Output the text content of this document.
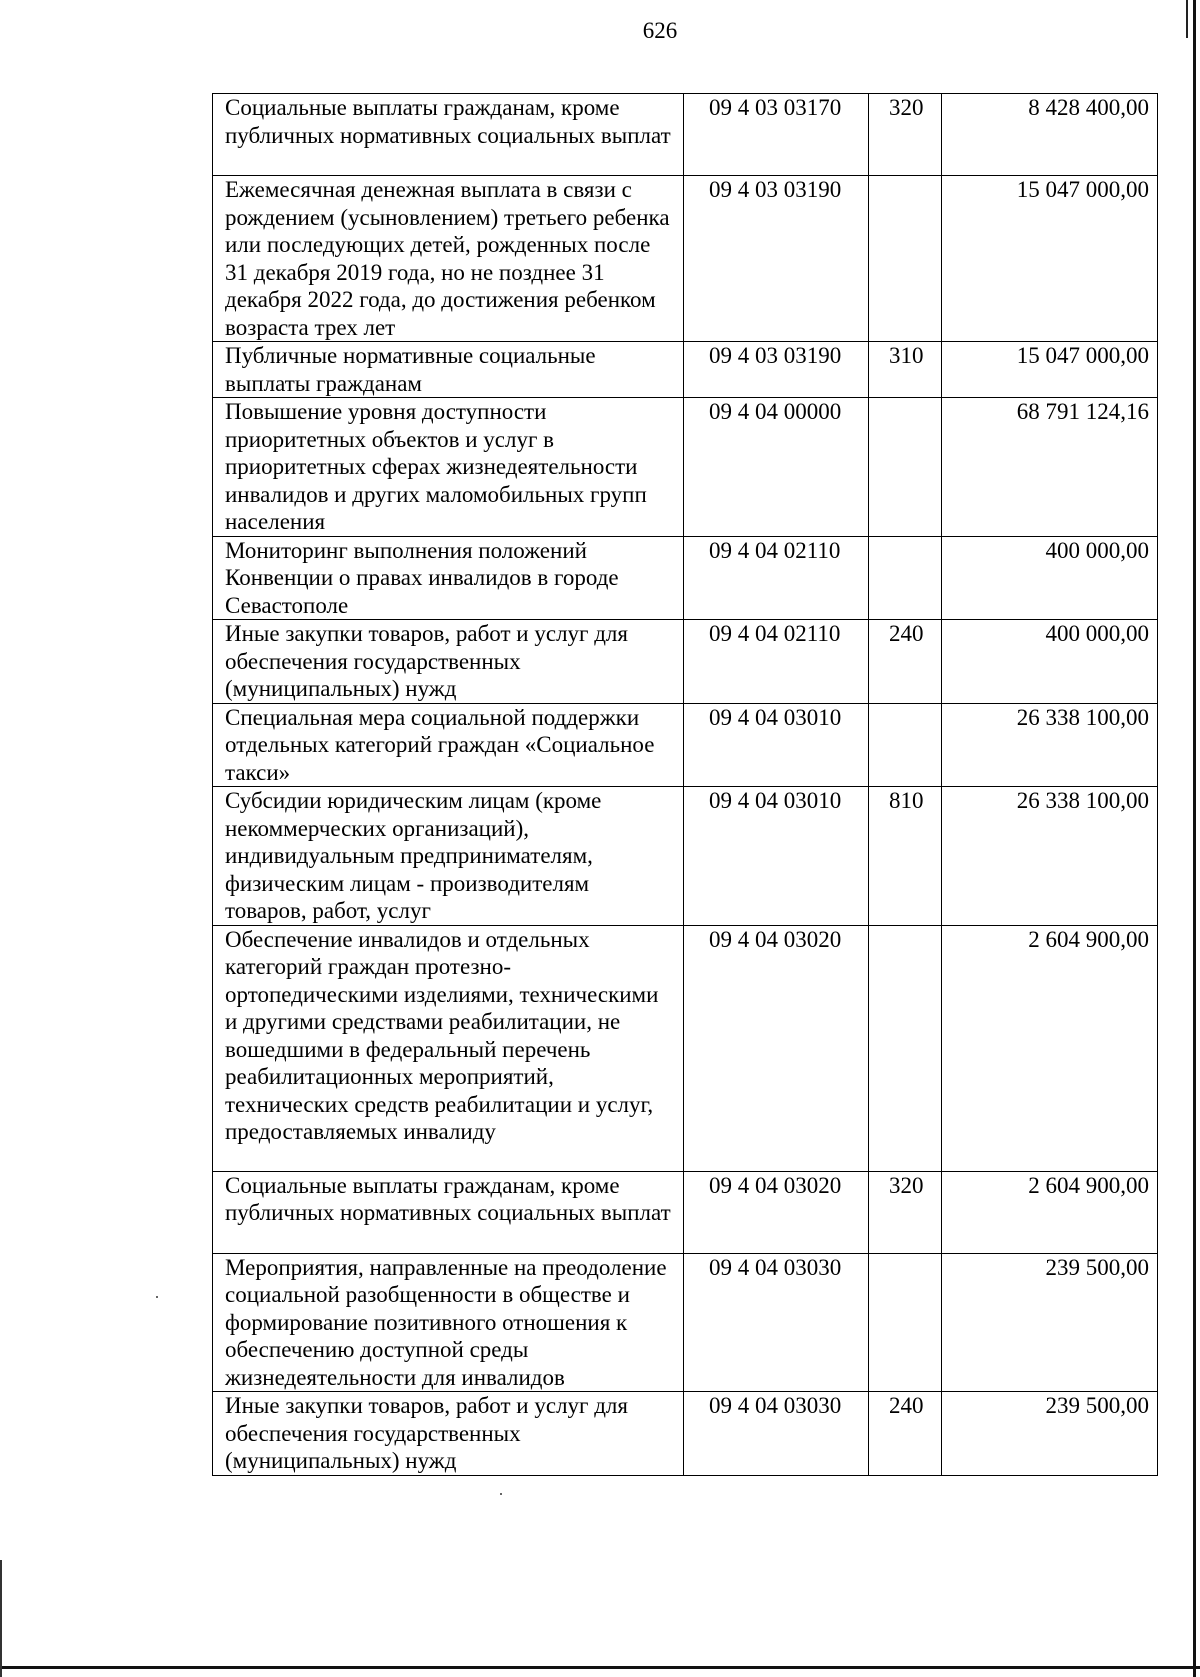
626
Социальные выплаты гражданам, кроме публичных нормативных социальных выплат	09 4 03 03170	320	8 428 400,00
Ежемесячная денежная выплата в связи с рождением (усыновлением) третьего ребенка или последующих детей, рожденных после 31 декабря 2019 года, но не позднее 31 декабря 2022 года, до достижения ребенком возраста трех лет	09 4 03 03190		15 047 000,00
Публичные нормативные социальные выплаты гражданам	09 4 03 03190	310	15 047 000,00
Повышение уровня доступности приоритетных объектов и услуг в приоритетных сферах жизнедеятельности инвалидов и других маломобильных групп населения	09 4 04 00000		68 791 124,16
Мониторинг выполнения положений Конвенции о правах инвалидов в городе Севастополе	09 4 04 02110		400 000,00
Иные закупки товаров, работ и услуг для обеспечения государственных (муниципальных) нужд	09 4 04 02110	240	400 000,00
Специальная мера социальной поддержки отдельных категорий граждан «Социальное такси»	09 4 04 03010		26 338 100,00
Субсидии юридическим лицам (кроме некоммерческих организаций), индивидуальным предпринимателям, физическим лицам - производителям товаров, работ, услуг	09 4 04 03010	810	26 338 100,00
Обеспечение инвалидов и отдельных категорий граждан протезно-ортопедическими изделиями, техническими и другими средствами реабилитации, не вошедшими в федеральный перечень реабилитационных мероприятий, технических средств реабилитации и услуг, предоставляемых инвалиду	09 4 04 03020		2 604 900,00
Социальные выплаты гражданам, кроме публичных нормативных социальных выплат	09 4 04 03020	320	2 604 900,00
Мероприятия, направленные на преодоление социальной разобщенности в обществе и формирование позитивного отношения к обеспечению доступной среды жизнедеятельности для инвалидов	09 4 04 03030		239 500,00
Иные закупки товаров, работ и услуг для обеспечения государственных (муниципальных) нужд	09 4 04 03030	240	239 500,00
